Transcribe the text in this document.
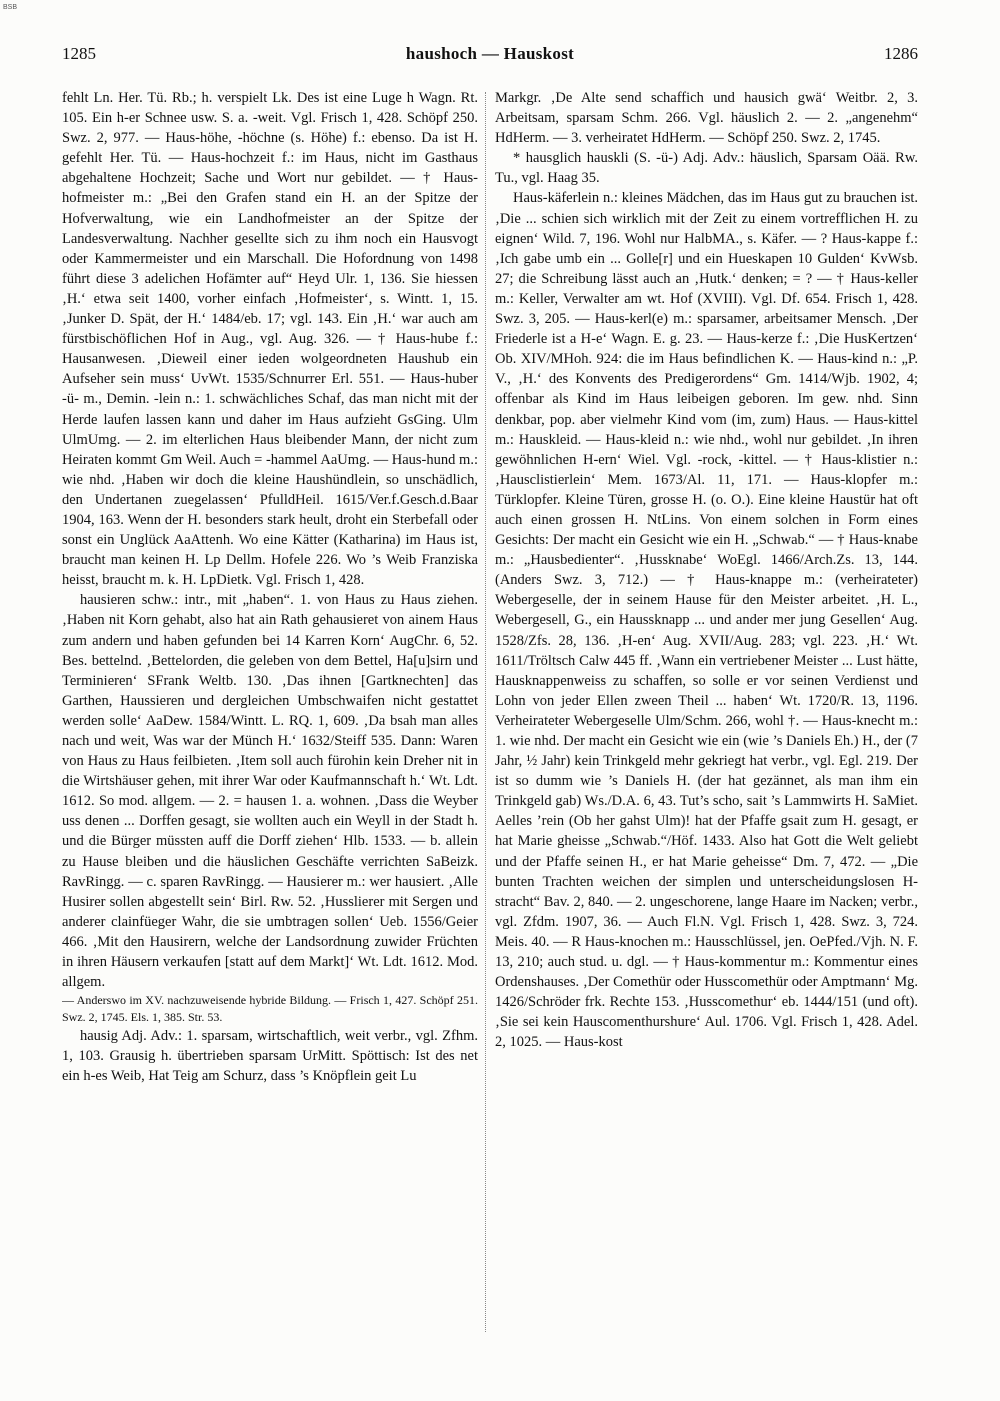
BSB
1285	haushoch — Hauskost	1286

fehlt Ln. Her. Tü. Rb.; h. verspielt Lk. Des ist eine Luge h Wagn. Rt. 105. Ein h-er Schnee usw. S. a. -weit. Vgl. Frisch 1, 428. Schöpf 250. Swz. 2, 977. — Haus-höhe, -höchne (s. Höhe) f.: ebenso. Da ist H. gefehlt Her. Tü. — Haus-hochzeit f.: im Haus, nicht im Gasthaus abgehaltene Hochzeit; Sache und Wort nur gebildet. — † Haus-hofmeister m.: „Bei den Grafen stand ein H. an der Spitze der Hofverwaltung, wie ein Landhofmeister an der Spitze der Landesverwaltung. Nachher gesellte sich zu ihm noch ein Hausvogt oder Kammermeister und ein Marschall. Die Hofordnung von 1498 führt diese 3 adelichen Hofämter auf“ Heyd Ulr. 1, 136. Sie hiessen ‚H.‘ etwa seit 1400, vorher einfach ‚Hofmeister‘, s. Wintt. 1, 15. ‚Junker D. Spät, der H.‘ 1484/eb. 17; vgl. 143. Ein ‚H.‘ war auch am fürstbischöflichen Hof in Aug., vgl. Aug. 326. — † Haus-hube f.: Hausanwesen. ‚Dieweil einer ieden wolgeordneten Haushub ein Aufseher sein muss‘ UvWt. 1535/Schnurrer Erl. 551. — Haus-huber -ü- m., Demin. -lein n.: 1. schwächliches Schaf, das man nicht mit der Herde laufen lassen kann und daher im Haus aufzieht GsGing. Ulm UlmUmg. — 2. im elterlichen Haus bleibender Mann, der nicht zum Heiraten kommt Gm Weil. Auch = -hammel AaUmg. — Haus-hund m.: wie nhd. ‚Haben wir doch die kleine Haushündlein, so unschädlich, den Undertanen zuegelassen‘ PfulldHeil. 1615/Ver.f.Gesch.d.Baar 1904, 163. Wenn der H. besonders stark heult, droht ein Sterbefall oder sonst ein Unglück AaAttenh. Wo eine Kätter (Katharina) im Haus ist, braucht man keinen H. Lp Dellm. Hofele 226. Wo ’s Weib Franziska heisst, braucht m. k. H. LpDietk. Vgl. Frisch 1, 428.

hausieren schw.: intr., mit „haben“. 1. von Haus zu Haus ziehen. ‚Haben nit Korn gehabt, also hat ain Rath gehausieret von ainem Haus zum andern und haben gefunden bei 14 Karren Korn‘ AugChr. 6, 52. Bes. bettelnd. ‚Bettelorden, die geleben von dem Bettel, Ha[u]sirn und Terminieren‘ SFrank Weltb. 130. ‚Das ihnen [Gartknechten] das Garthen, Haussieren und dergleichen Umbschwaifen nicht gestattet werden solle‘ AaDew. 1584/Wintt. L. RQ. 1, 609. ‚Da bsah man alles nach und weit, Was war der Münch H.‘ 1632/Steiff 535. Dann: Waren von Haus zu Haus feilbieten. ‚Item soll auch fürohin kein Dreher nit in die Wirtshäuser gehen, mit ihrer War oder Kaufmannschaft h.‘ Wt. Ldt. 1612. So mod. allgem. — 2. = hausen 1. a. wohnen. ‚Dass die Weyber uss denen ... Dorffen gesagt, sie wollten auch ein Weyll in der Stadt h. und die Bürger müssten auff die Dorff ziehen‘ Hlb. 1533. — b. allein zu Hause bleiben und die häuslichen Geschäfte verrichten SaBeizk. RavRingg. — c. sparen RavRingg. — Hausierer m.: wer hausiert. ‚Alle Husirer sollen abgestellt sein‘ Birl. Rw. 52. ‚Husslierer mit Sergen und anderer clainfüeger Wahr, die sie umbtragen sollen‘ Ueb. 1556/Geier 466. ‚Mit den Hausirern, welche der Landsordnung zuwider Früchten in ihren Häusern verkaufen [statt auf dem Markt]‘ Wt. Ldt. 1612. Mod. allgem.

— Anderswo im XV. nachzuweisende hybride Bildung. — Frisch 1, 427. Schöpf 251. Swz. 2, 1745. Els. 1, 385. Str. 53.

hausig Adj. Adv.: 1. sparsam, wirtschaftlich, weit verbr., vgl. Zfhm. 1, 103. Grausig h. übertrieben sparsam UrMitt. Spöttisch: Ist des net ein h-es Weib, Hat Teig am Schurz, dass ’s Knöpflein geit Lu

Markgr. ‚De Alte send schaffich und hausich gwä‘ Weitbr. 2, 3. Arbeitsam, sparsam Schm. 266. Vgl. häuslich 2. — 2. „angenehm“ HdHerm. — 3. verheiratet HdHerm. — Schöpf 250. Swz. 2, 1745.

* hausglich hauskli (S. -ü-) Adj. Adv.: häuslich, Sparsam Oää. Rw. Tu., vgl. Haag 35.

Haus-käferlein n.: kleines Mädchen, das im Haus gut zu brauchen ist. ‚Die ... schien sich wirklich mit der Zeit zu einem vortrefflichen H. zu eignen‘ Wild. 7, 196. Wohl nur HalbMA., s. Käfer. — ? Haus-kappe f.: ‚Ich gabe umb ein ... Golle[r] und ein Hueskapen 10 Gulden‘ KvWsb. 27; die Schreibung lässt auch an ‚Hutk.‘ denken; = ? — † Haus-keller m.: Keller, Verwalter am wt. Hof (XVIII). Vgl. Df. 654. Frisch 1, 428. Swz. 3, 205. — Haus-kerl(e) m.: sparsamer, arbeitsamer Mensch. ‚Der Friederle ist a H-e‘ Wagn. E. g. 23. — Haus-kerze f.: ‚Die HusKertzen‘ Ob. XIV/MHoh. 924: die im Haus befindlichen K. — Haus-kind n.: „P. V., ‚H.‘ des Konvents des Predigerordens“ Gm. 1414/Wjb. 1902, 4; offenbar als Kind im Haus leibeigen geboren. Im gew. nhd. Sinn denkbar, pop. aber vielmehr Kind vom (im, zum) Haus. — Haus-kittel m.: Hauskleid. — Haus-kleid n.: wie nhd., wohl nur gebildet. ‚In ihren gewöhnlichen H-ern‘ Wiel. Vgl. -rock, -kittel. — † Haus-klistier n.: ‚Hausclistierlein‘ Mem. 1673/Al. 11, 171. — Haus-klopfer m.: Türklopfer. Kleine Türen, grosse H. (o. O.). Eine kleine Haustür hat oft auch einen grossen H. NtLins. Von einem solchen in Form eines Gesichts: Der macht ein Gesicht wie ein H. „Schwab.“ — † Haus-knabe m.: „Hausbedienter“. ‚Hussknabe‘ WoEgl. 1466/Arch.Zs. 13, 144. (Anders Swz. 3, 712.) — † Haus-knappe m.: (verheirateter) Webergeselle, der in seinem Hause für den Meister arbeitet. ‚H. L., Webergesell, G., ein Haussknapp ... und ander mer jung Gesellen‘ Aug. 1528/Zfs. 28, 136. ‚H-en‘ Aug. XVII/Aug. 283; vgl. 223. ‚H.‘ Wt. 1611/Tröltsch Calw 445 ff. ‚Wann ein vertriebener Meister ... Lust hätte, Hausknappenweiss zu schaffen, so solle er vor seinen Verdienst und Lohn von jeder Ellen zween Theil ... haben‘ Wt. 1720/R. 13, 1196. Verheirateter Webergeselle Ulm/Schm. 266, wohl †. — Haus-knecht m.: 1. wie nhd. Der macht ein Gesicht wie ein (wie ’s Daniels Eh.) H., der (7 Jahr, ½ Jahr) kein Trinkgeld mehr gekriegt hat verbr., vgl. Egl. 219. Der ist so dumm wie ’s Daniels H. (der hat gezännet, als man ihm ein Trinkgeld gab) Ws./D.A. 6, 43. Tut’s scho, sait ’s Lammwirts H. SaMiet. Aelles ’rein (Ob her gahst Ulm)! hat der Pfaffe gsait zum H. gesagt, er hat Marie gheisse „Schwab.“/Höf. 1433. Also hat Gott die Welt geliebt und der Pfaffe seinen H., er hat Marie geheisse“ Dm. 7, 472. — „Die bunten Trachten weichen der simplen und unterscheidungslosen H-stracht“ Bav. 2, 840. — 2. ungeschorene, lange Haare im Nacken; verbr., vgl. Zfdm. 1907, 36. — Auch Fl.N. Vgl. Frisch 1, 428. Swz. 3, 724. Meis. 40. — R Haus-knochen m.: Hausschlüssel, jen. OePfed./Vjh. N. F. 13, 210; auch stud. u. dgl. — † Haus-kommentur m.: Kommentur eines Ordenshauses. ‚Der Comethür oder Husscomethür oder Amptmann‘ Mg. 1426/Schröder frk. Rechte 153. ‚Husscomethur‘ eb. 1444/151 (und oft). ‚Sie sei kein Hauscomenthurshure‘ Aul. 1706. Vgl. Frisch 1, 428. Adel. 2, 1025. — Haus-kost
